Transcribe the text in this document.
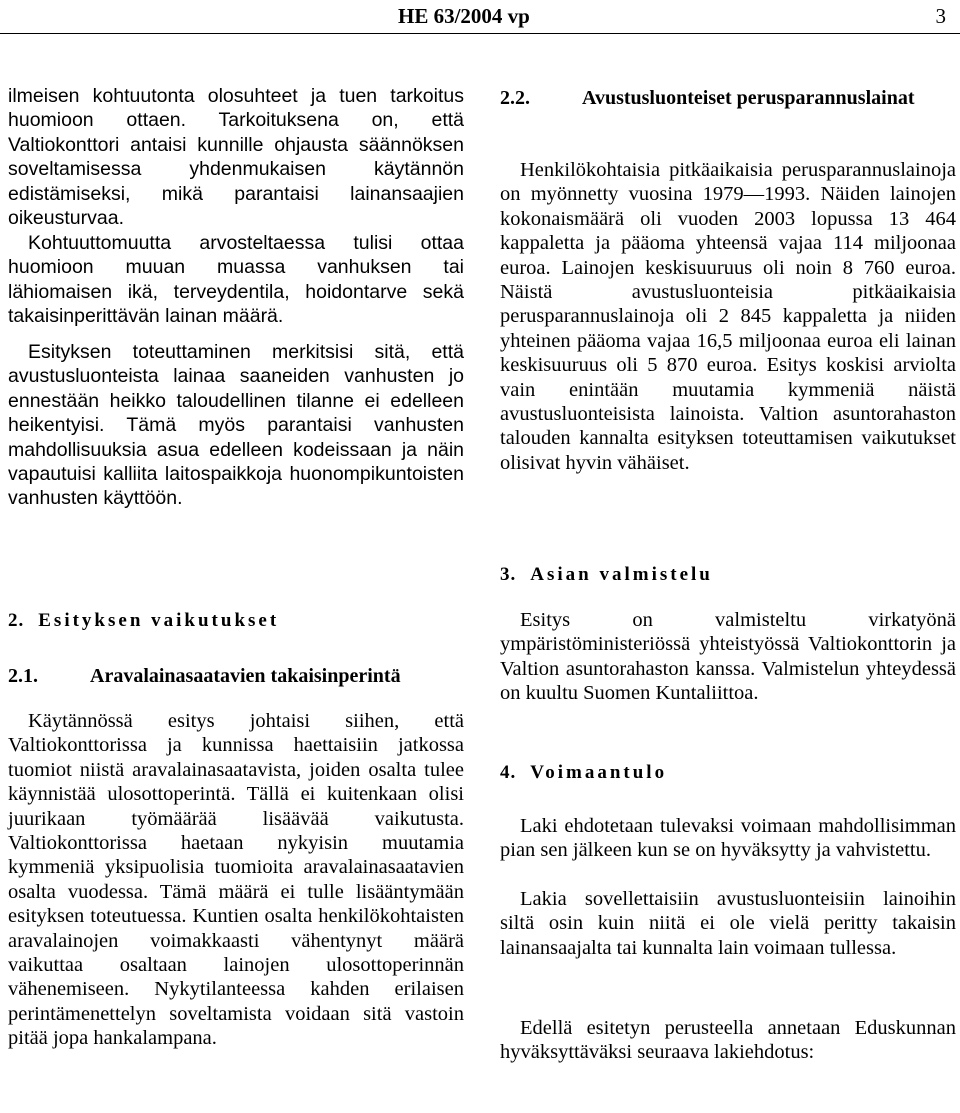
HE 63/2004 vp	3

ilmeisen kohtuutonta olosuhteet ja tuen tarkoitus huomioon ottaen. Tarkoituksena on, että Valtiokonttori antaisi kunnille ohjausta säännöksen soveltamisessa yhdenmukaisen käytännön edistämiseksi, mikä parantaisi lainansaajien oikeusturvaa.

Kohtuuttomuutta arvosteltaessa tulisi ottaa huomioon muuan muassa vanhuksen tai lähiomaisen ikä, terveydentila, hoidontarve sekä takaisinperittävän lainan määrä.

Esityksen toteuttaminen merkitsisi sitä, että avustusluonteista lainaa saaneiden vanhusten jo ennestään heikko taloudellinen tilanne ei edelleen heikentyisi. Tämä myös parantaisi vanhusten mahdollisuuksia asua edelleen kodeissaan ja näin vapautuisi kalliita laitospaikkoja huonompikuntoisten vanhusten käyttöön.

2. Esityksen vaikutukset
2.1.	Aravalainasaatavien takaisinperintä

Käytännössä esitys johtaisi siihen, että Valtiokonttorissa ja kunnissa haettaisiin jatkossa tuomiot niistä aravalainasaatavista, joiden osalta tulee käynnistää ulosottoperintä. Tällä ei kuitenkaan olisi juurikaan työmäärää lisäävää vaikutusta. Valtiokonttorissa haetaan nykyisin muutamia kymmeniä yksipuolisia tuomioita aravalainasaatavien osalta vuodessa. Tämä määrä ei tulle lisääntymään esityksen toteutuessa. Kuntien osalta henkilökohtaisten aravalainojen voimakkaasti vähentynyt määrä vaikuttaa osaltaan lainojen ulosottoperinnän vähenemiseen. Nykytilanteessa kahden erilaisen perintämenettelyn soveltamista voidaan sitä vastoin pitää jopa hankalampana.

2.2.	Avustusluonteiset perusparannuslainat

Henkilökohtaisia pitkäaikaisia perusparannuslainoja on myönnetty vuosina 1979—1993. Näiden lainojen kokonaismäärä oli vuoden 2003 lopussa 13 464 kappaletta ja pääoma yhteensä vajaa 114 miljoonaa euroa. Lainojen keskisuuruus oli noin 8 760 euroa. Näistä avustusluonteisia pitkäaikaisia perusparannuslainoja oli 2 845 kappaletta ja niiden yhteinen pääoma vajaa 16,5 miljoonaa euroa eli lainan keskisuuruus oli 5 870 euroa. Esitys koskisi arviolta vain enintään muutamia kymmeniä näistä avustusluonteisista lainoista. Valtion asuntorahaston talouden kannalta esityksen toteuttamisen vaikutukset olisivat hyvin vähäiset.

3. Asian valmistelu

Esitys on valmisteltu virkatyönä ympäristöministeriössä yhteistyössä Valtiokonttorin ja Valtion asuntorahaston kanssa. Valmistelun yhteydessä on kuultu Suomen Kuntaliittoa.

4. Voimaantulo

Laki ehdotetaan tulevaksi voimaan mahdollisimman pian sen jälkeen kun se on hyväksytty ja vahvistettu.

Lakia sovellettaisiin avustusluonteisiin lainoihin siltä osin kuin niitä ei ole vielä peritty takaisin lainansaajalta tai kunnalta lain voimaan tullessa.

Edellä esitetyn perusteella annetaan Eduskunnan hyväksyttäväksi seuraava lakiehdotus:
